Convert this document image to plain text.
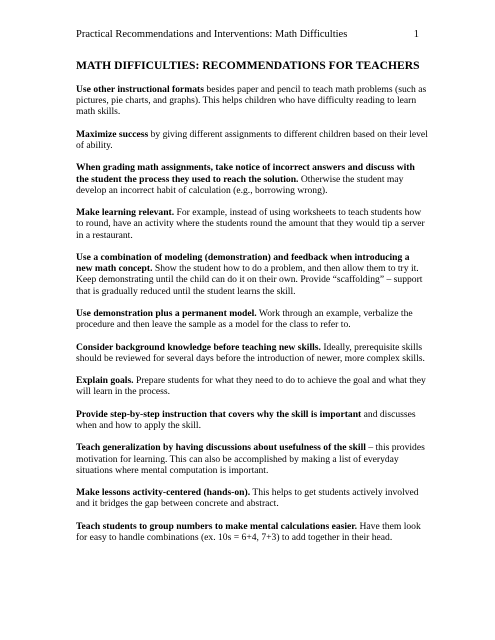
Practical Recommendations and Interventions: Math Difficulties	1
MATH DIFFICULTIES: RECOMMENDATIONS FOR TEACHERS

Use other instructional formats besides paper and pencil to teach math problems (such as pictures, pie charts, and graphs). This helps children who have difficulty reading to learn math skills.

Maximize success by giving different assignments to different children based on their level of ability.

When grading math assignments, take notice of incorrect answers and discuss with the student the process they used to reach the solution. Otherwise the student may develop an incorrect habit of calculation (e.g., borrowing wrong).

Make learning relevant. For example, instead of using worksheets to teach students how to round, have an activity where the students round the amount that they would tip a server in a restaurant.

Use a combination of modeling (demonstration) and feedback when introducing a new math concept. Show the student how to do a problem, and then allow them to try it. Keep demonstrating until the child can do it on their own. Provide “scaffolding” – support that is gradually reduced until the student learns the skill.

Use demonstration plus a permanent model. Work through an example, verbalize the procedure and then leave the sample as a model for the class to refer to.

Consider background knowledge before teaching new skills. Ideally, prerequisite skills should be reviewed for several days before the introduction of newer, more complex skills.

Explain goals. Prepare students for what they need to do to achieve the goal and what they will learn in the process.

Provide step-by-step instruction that covers why the skill is important and discusses when and how to apply the skill.

Teach generalization by having discussions about usefulness of the skill – this provides motivation for learning. This can also be accomplished by making a list of everyday situations where mental computation is important.

Make lessons activity-centered (hands-on). This helps to get students actively involved and it bridges the gap between concrete and abstract.

Teach students to group numbers to make mental calculations easier. Have them look for easy to handle combinations (ex. 10s = 6+4, 7+3) to add together in their head.
